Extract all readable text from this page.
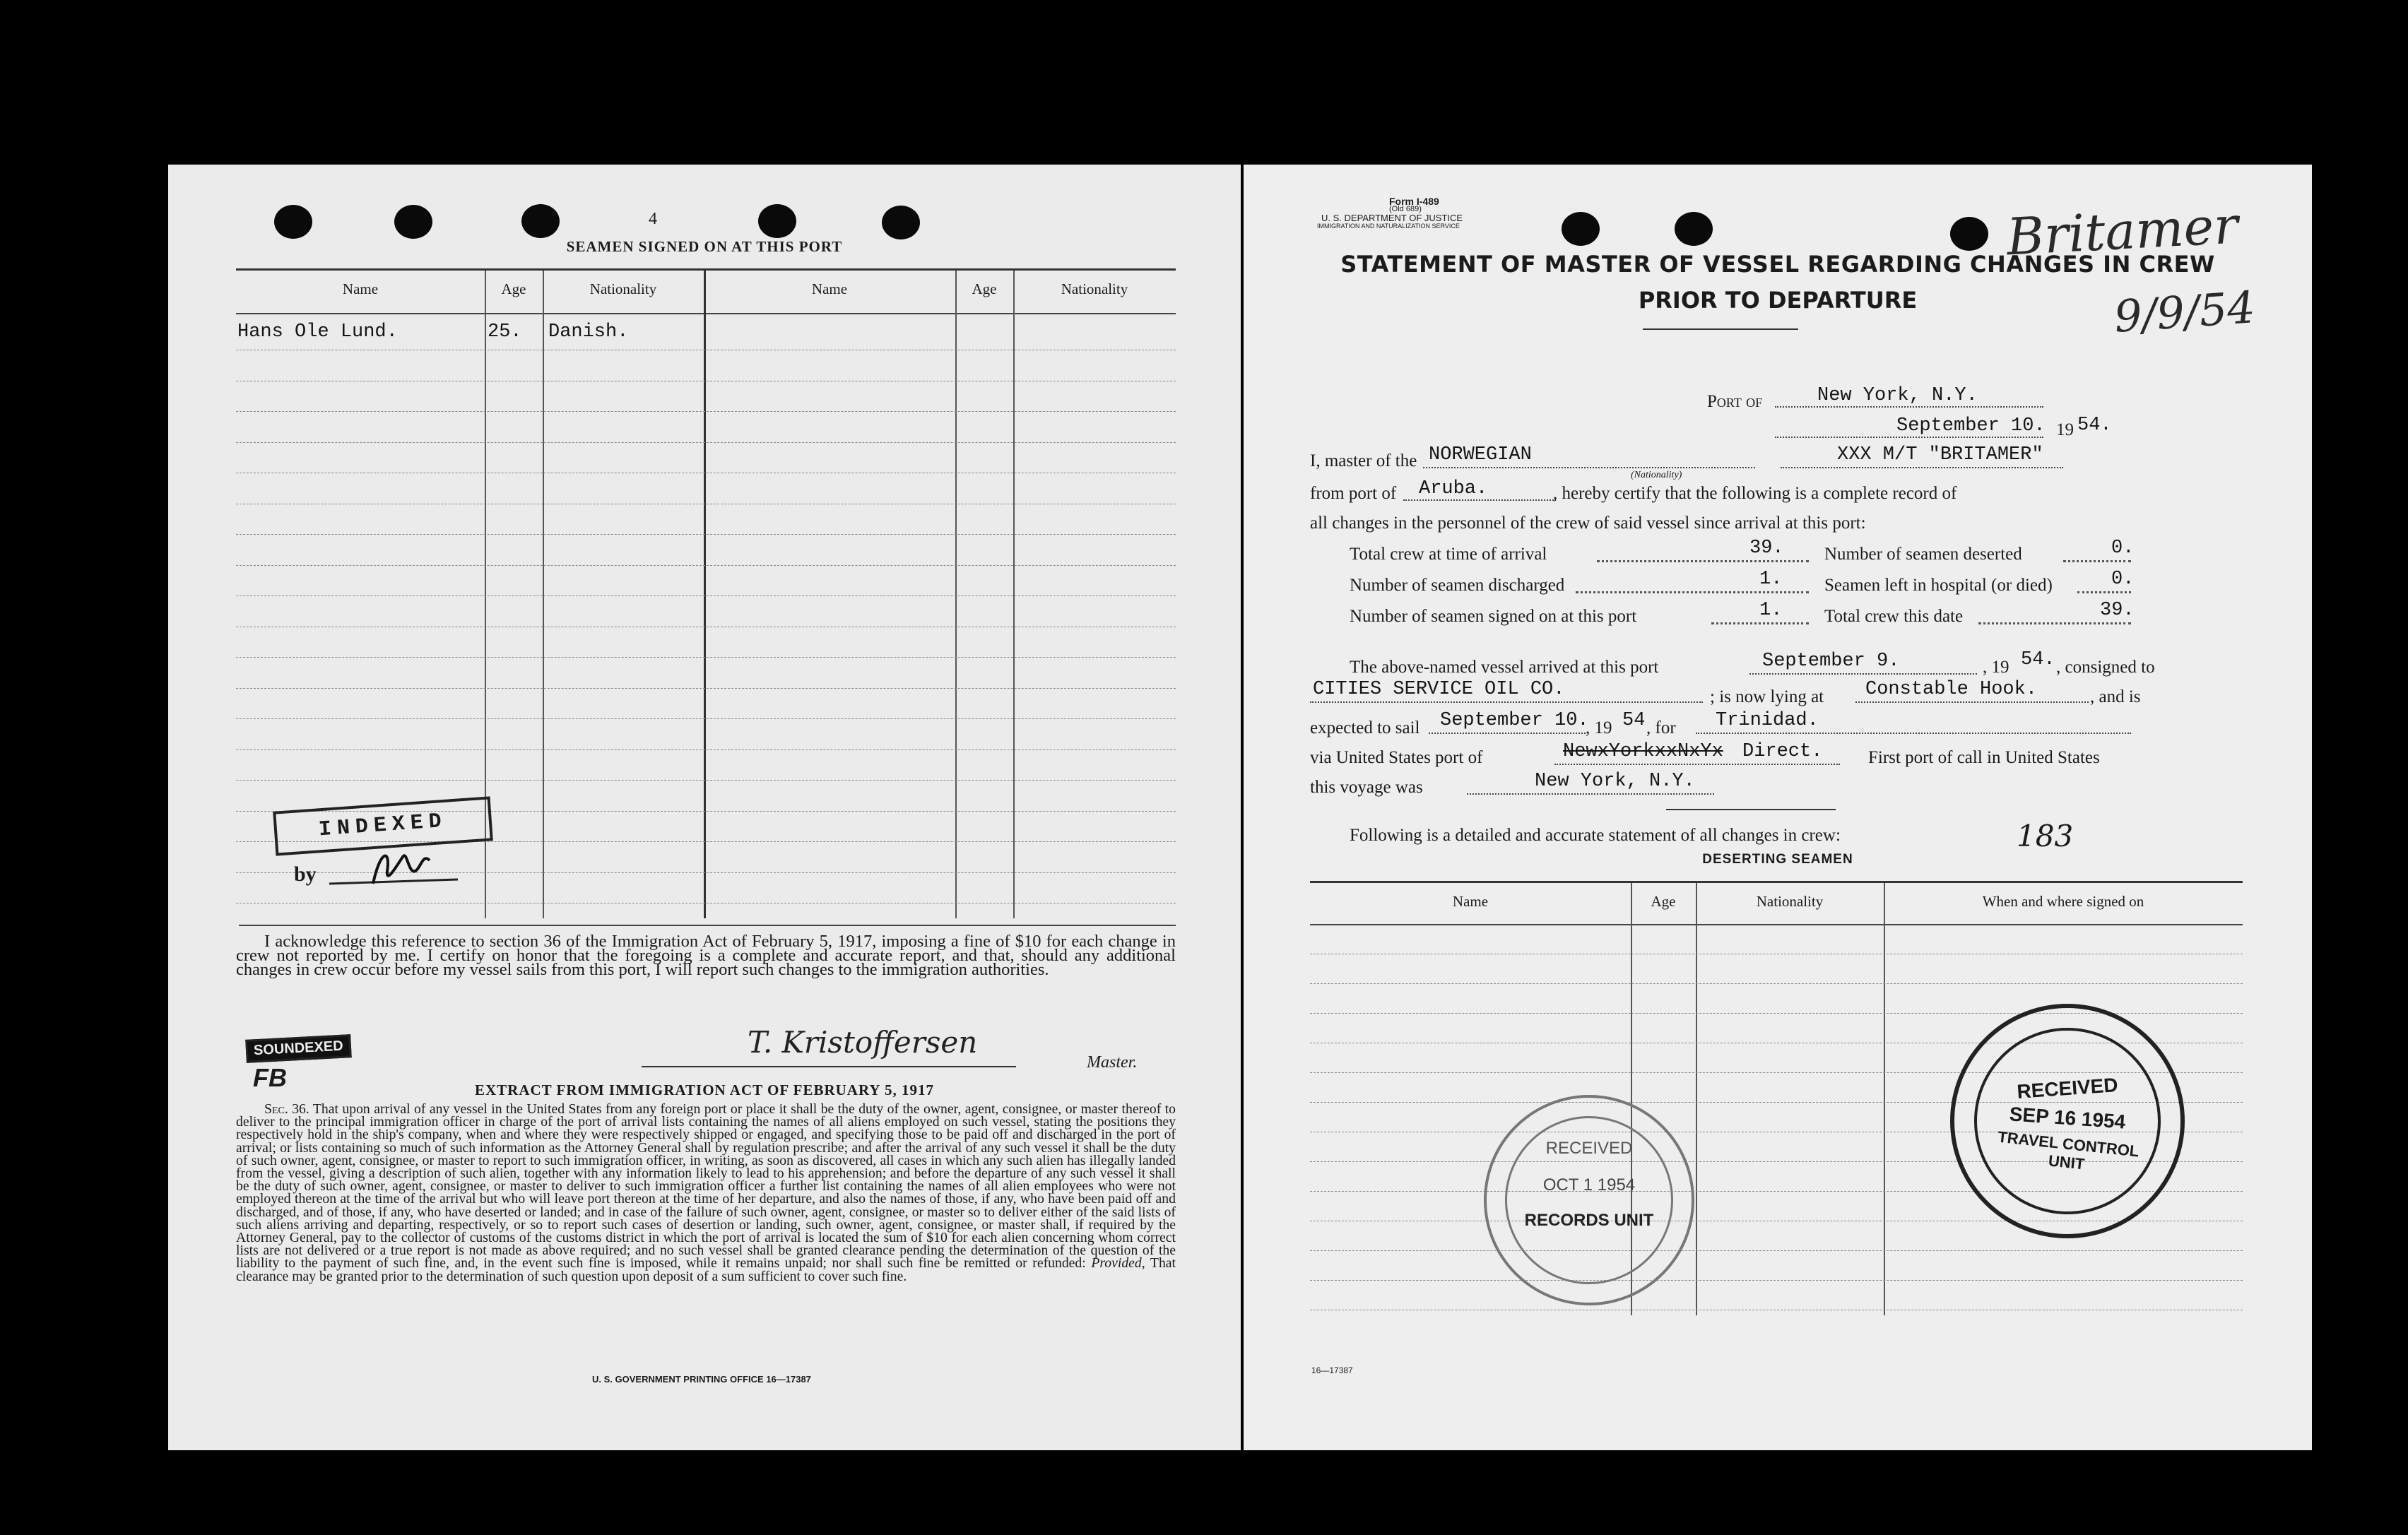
4
SEAMEN SIGNED ON AT THIS PORT
Name	Age	Nationality	Name	Age	Nationality
Hans Ole Lund.	25. Danish.
INDEXED
by
I acknowledge this reference to section 36 of the Immigration Act of February 5, 1917, imposing a fine of $10 for each change in crew not reported by me. I certify on honor that the foregoing is a complete and accurate report, and that, should any additional changes in crew occur before my vessel sails from this port, I will report such changes to the immigration authorities.
SOUNDEXED
FB
T. Kristoffersen
Master.
EXTRACT FROM IMMIGRATION ACT OF FEBRUARY 5, 1917
Sec. 36. That upon arrival of any vessel in the United States from any foreign port or place it shall be the duty of the owner, agent, consignee, or master thereof to deliver to the principal immigration officer in charge of the port of arrival lists containing the names of all aliens employed on such vessel, stating the positions they respectively hold in the ship's company, when and where they were respectively shipped or engaged, and specifying those to be paid off and discharged in the port of arrival; or lists containing so much of such information as the Attorney General shall by regulation prescribe; and after the arrival of any such vessel it shall be the duty of such owner, agent, consignee, or master to report to such immigration officer, in writing, as soon as discovered, all cases in which any such alien has illegally landed from the vessel, giving a description of such alien, together with any information likely to lead to his apprehension; and before the departure of any such vessel it shall be the duty of such owner, agent, consignee, or master to deliver to such immigration officer a further list containing the names of all alien employees who were not employed thereon at the time of the arrival but who will leave port thereon at the time of her departure, and also the names of those, if any, who have been paid off and discharged, and of those, if any, who have deserted or landed; and in case of the failure of such owner, agent, consignee, or master so to deliver either of the said lists of such aliens arriving and departing, respectively, or so to report such cases of desertion or landing, such owner, agent, consignee, or master shall, if required by the Attorney General, pay to the collector of customs of the customs district in which the port of arrival is located the sum of $10 for each alien concerning whom correct lists are not delivered or a true report is not made as above required; and no such vessel shall be granted clearance pending the determination of the question of the liability to the payment of such fine, and, in the event such fine is imposed, while it remains unpaid; nor shall such fine be remitted or refunded: Provided, That clearance may be granted prior to the determination of such question upon deposit of a sum sufficient to cover such fine.
U. S. GOVERNMENT PRINTING OFFICE 16—17387
Form I-489
(Old 689)
U. S. DEPARTMENT OF JUSTICE
IMMIGRATION AND NATURALIZATION SERVICE	Britamer
9/9/54
STATEMENT OF MASTER OF VESSEL REGARDING CHANGES IN CREW
PRIOR TO DEPARTURE
Port of	New York, N.Y.
September 10. 19 54.
I, master of the NORWEGIAN
(Nationality)
XXX M/T "BRITAMER"
from port of Aruba.	, hereby certify that the following is a complete record of
all changes in the personnel of the crew of said vessel since arrival at this port:
Total crew at time of arrival	39. Number of seamen deserted	0.
Number of seamen discharged	1. Seamen left in hospital (or died)	0.
Number of seamen signed on at this port	1. Total crew this date	39.
The above-named vessel arrived at this port	September 9.	, 19 54. , consigned to
CITIES SERVICE OIL CO.	; is now lying at Constable Hook.	, and is
expected to sail September 10.
, 19 54 , for Trinidad.
via United States port of	NewxYorkxxNxYx Direct.	First port of call in United States
this voyage was	New York, N.Y.
Following is a detailed and accurate statement of all changes in crew:	183
DESERTING SEAMEN
Name	Age	Nationality	When and where signed on
RECEIVED
SEP 16 1954
TRAVEL CONTROL UNIT
RECEIVED
OCT 1 1954
RECORDS UNIT
16—17387
